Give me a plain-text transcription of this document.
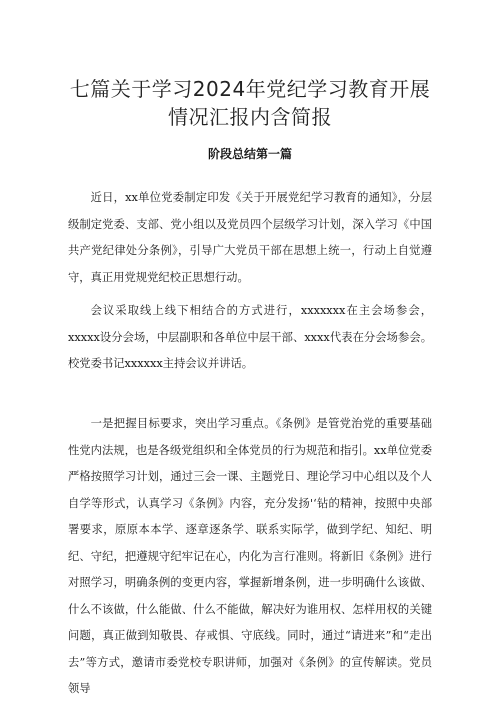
七篇关于学习2024年党纪学习教育开展情况汇报内含简报
阶段总结第一篇

近日，xx单位党委制定印发《关于开展党纪学习教育的通知》，分层级制定党委、支部、党小组以及党员四个层级学习计划，深入学习《中国共产党纪律处分条例》，引导广大党员干部在思想上统一，行动上自觉遵守，真正用党规党纪校正思想行动。

会议采取线上线下相结合的方式进行，xxxxxxx在主会场参会，xxxxx设分会场，中层副职和各单位中层干部、xxxx代表在分会场参会。校党委书记xxxxxx主持会议并讲话。

一是把握目标要求，突出学习重点。《条例》是管党治党的重要基础性党内法规，也是各级党组织和全体党员的行为规范和指引。xx单位党委严格按照学习计划，通过三会一课、主题党日、理论学习中心组以及个人自学等形式，认真学习《条例》内容，充分发扬'‘钻的精神，按照中央部署要求，原原本本学、逐章逐条学、联系实际学，做到学纪、知纪、明纪、守纪，把遵规守纪牢记在心，内化为言行准则。将新旧《条例》进行对照学习，明确条例的变更内容，掌握新增条例，进一步明确什么该做、什么不该做，什么能做、什么不能做，解决好为谁用权、怎样用权的关键问题，真正做到知敬畏、存戒惧、守底线。同时，通过“请进来”和“走出去”等方式，邀请市委党校专职讲师，加强对《条例》的宣传解读。党员领导
